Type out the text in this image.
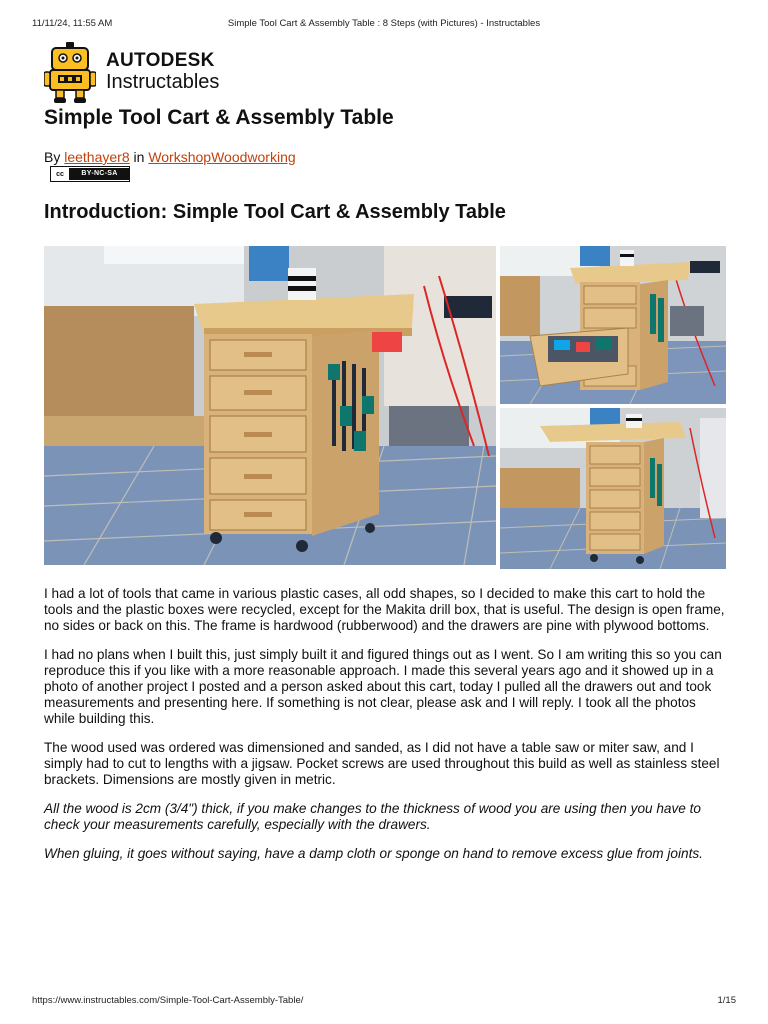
11/11/24, 11:55 AM	Simple Tool Cart & Assembly Table : 8 Steps (with Pictures) - Instructables
AUTODESK
Instructables
Simple Tool Cart & Assembly Table
By leethayer8 in WorkshopWoodworking
cc	BY-NC-SA
Introduction: Simple Tool Cart & Assembly Table

I had a lot of tools that came in various plastic cases, all odd shapes, so I decided to make this cart to hold the tools and the plastic boxes were recycled, except for the Makita drill box, that is useful. The design is open frame, no sides or back on this. The frame is hardwood (rubberwood) and the drawers are pine with plywood bottoms.

I had no plans when I built this, just simply built it and figured things out as I went. So I am writing this so you can reproduce this if you like with a more reasonable approach. I made this several years ago and it showed up in a photo of another project I posted and a person asked about this cart, today I pulled all the drawers out and took measurements and presenting here. If something is not clear, please ask and I will reply. I took all the photos while building this.

The wood used was ordered was dimensioned and sanded, as I did not have a table saw or miter saw, and I simply had to cut to lengths with a jigsaw. Pocket screws are used throughout this build as well as stainless steel brackets. Dimensions are mostly given in metric.

All the wood is 2cm (3/4") thick, if you make changes to the thickness of wood you are using then you have to check your measurements carefully, especially with the drawers.

When gluing, it goes without saying, have a damp cloth or sponge on hand to remove excess glue from joints.

https://www.instructables.com/Simple-Tool-Cart-Assembly-Table/	1/15
